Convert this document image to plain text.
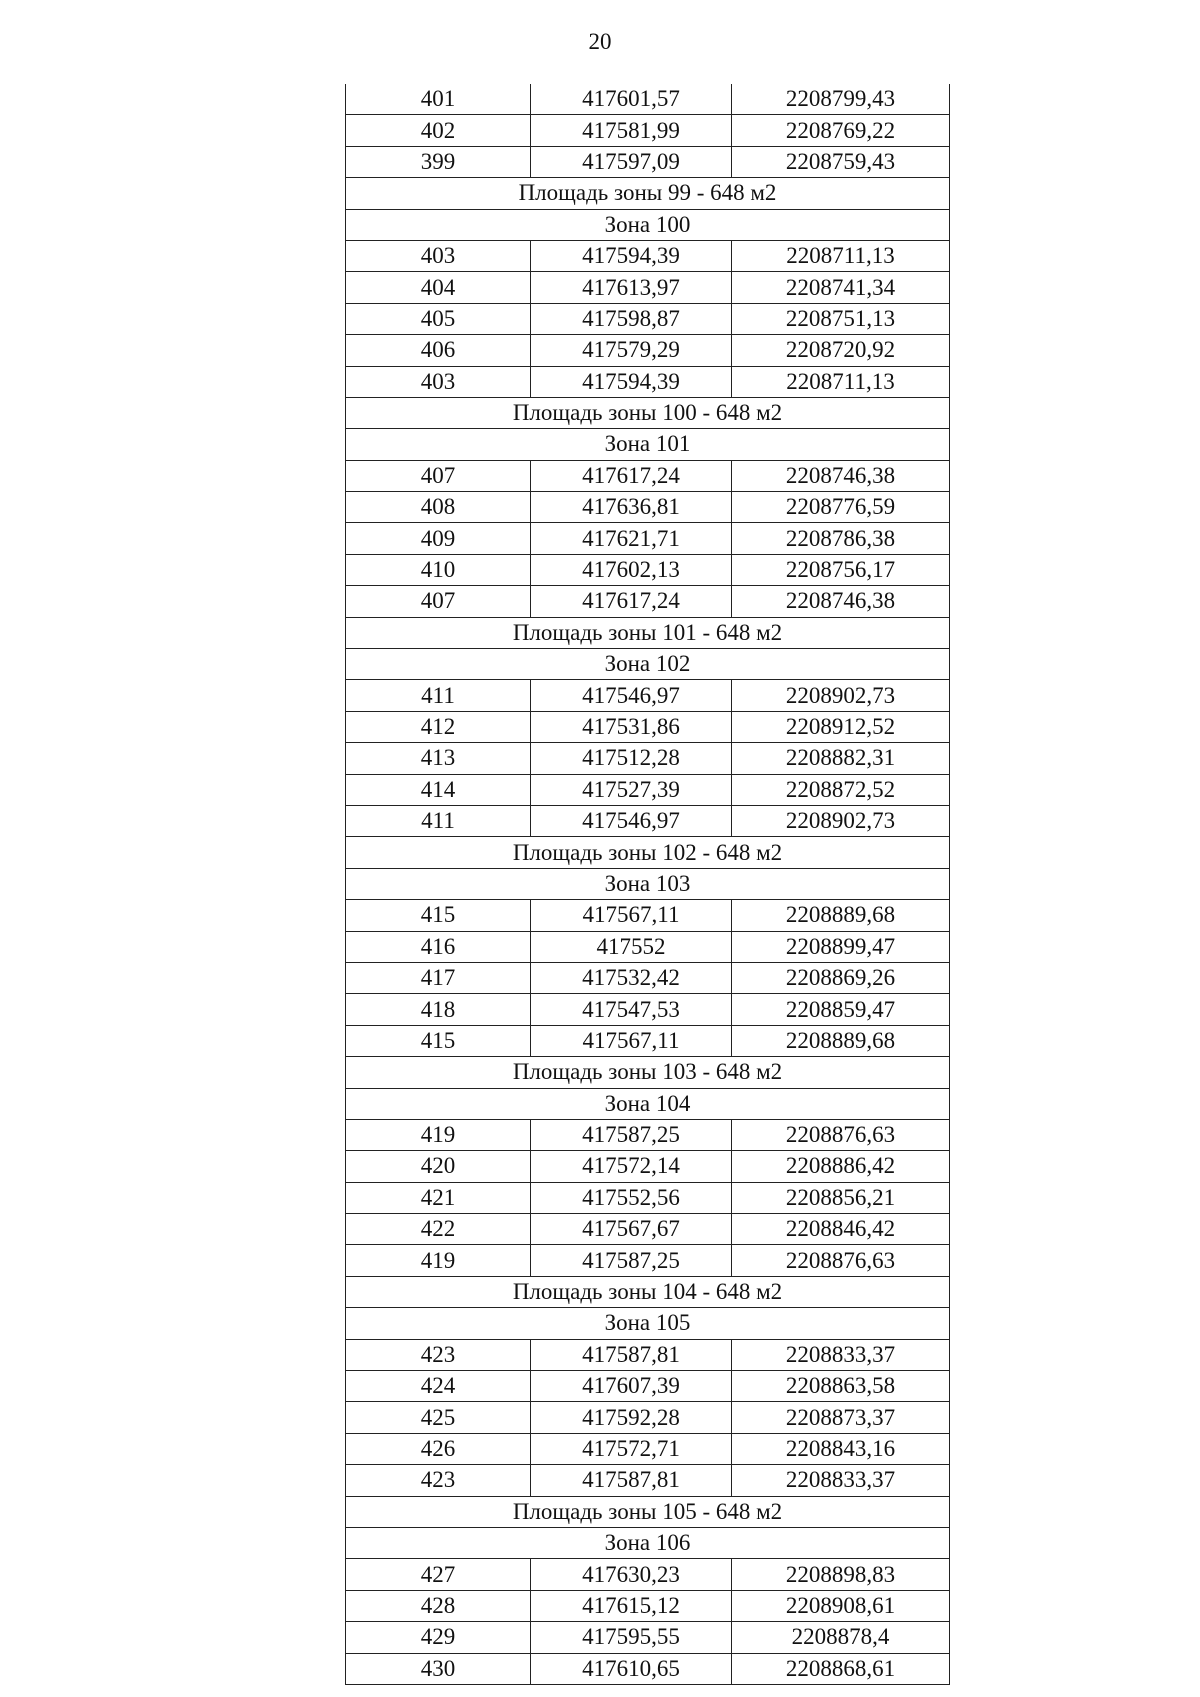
20
401	417601,57	2208799,43
402	417581,99	2208769,22
399	417597,09	2208759,43
Площадь зоны 99 - 648 м2		
Зона 100		
403	417594,39	2208711,13
404	417613,97	2208741,34
405	417598,87	2208751,13
406	417579,29	2208720,92
403	417594,39	2208711,13
Площадь зоны 100 - 648 м2		
Зона 101		
407	417617,24	2208746,38
408	417636,81	2208776,59
409	417621,71	2208786,38
410	417602,13	2208756,17
407	417617,24	2208746,38
Площадь зоны 101 - 648 м2		
Зона 102		
411	417546,97	2208902,73
412	417531,86	2208912,52
413	417512,28	2208882,31
414	417527,39	2208872,52
411	417546,97	2208902,73
Площадь зоны 102 - 648 м2		
Зона 103		
415	417567,11	2208889,68
416	417552	2208899,47
417	417532,42	2208869,26
418	417547,53	2208859,47
415	417567,11	2208889,68
Площадь зоны 103 - 648 м2		
Зона 104		
419	417587,25	2208876,63
420	417572,14	2208886,42
421	417552,56	2208856,21
422	417567,67	2208846,42
419	417587,25	2208876,63
Площадь зоны 104 - 648 м2		
Зона 105		
423	417587,81	2208833,37
424	417607,39	2208863,58
425	417592,28	2208873,37
426	417572,71	2208843,16
423	417587,81	2208833,37
Площадь зоны 105 - 648 м2		
Зона 106		
427	417630,23	2208898,83
428	417615,12	2208908,61
429	417595,55	2208878,4
430	417610,65	2208868,61
